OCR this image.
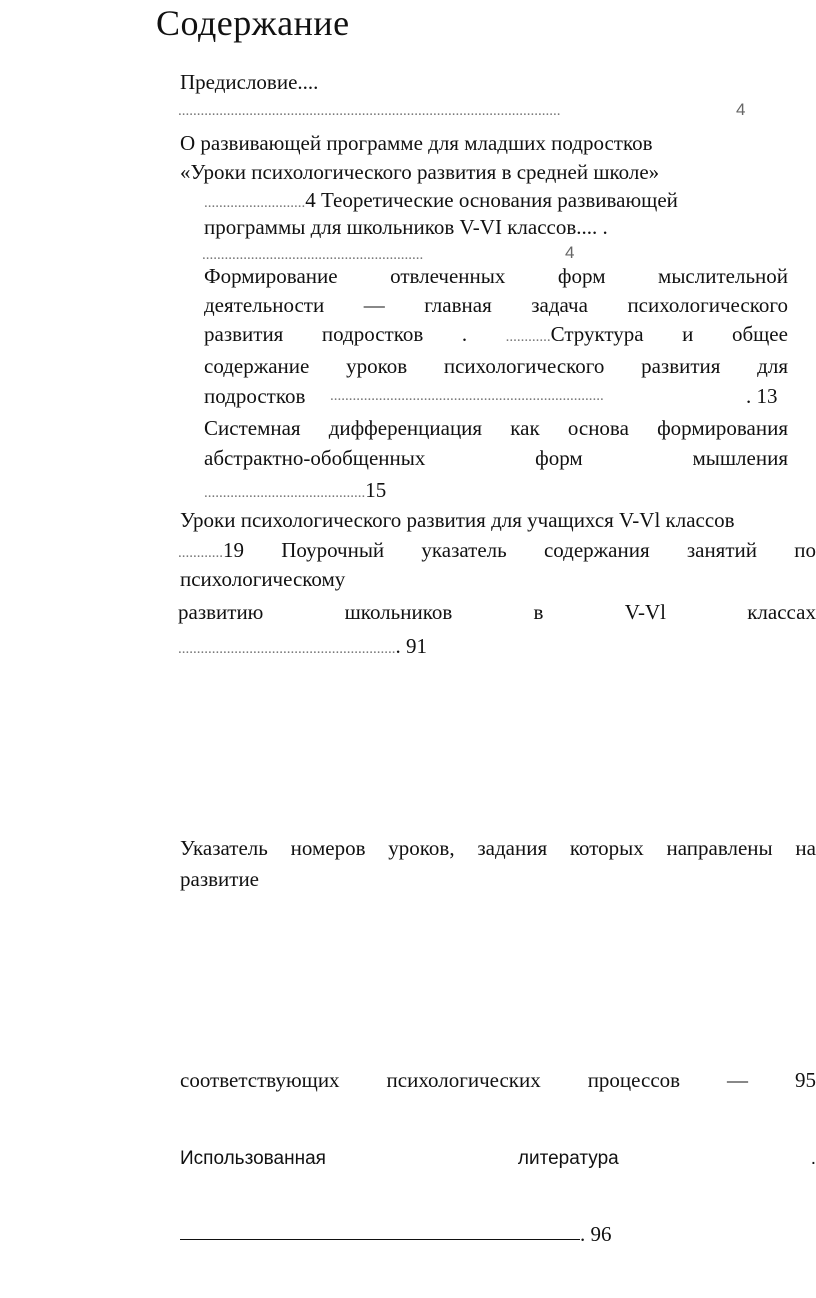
Содержание
Предисловие....
......................................................................................................	4
О развивающей программе для младших подростков
«Уроки психологического развития в средней школе»
...........................4 Теоретические основания развивающей
программы для школьников V-VI классов.... .
...........................................................	4
Формирование	отвлеченных	форм	мыслительной
деятельности — главная задача психологического
развития подростков .	............Структура и общее
содержание уроков психологического развития для
подростков .........................................................................	. 13
Системная дифференциация как основа формирования
абстрактно-обобщенных	форм	мышления
...........................................15
Уроки психологического развития для учащихся V-Vl классов
............19 Поурочный указатель содержания занятий по
психологическому
развитию	школьников	в	V-Vl	классах
........................................................... 91
Указатель номеров уроков, задания которых направлены на
развитие
соответствующих психологических процессов — 95
Использованная	литература	.
. 96
